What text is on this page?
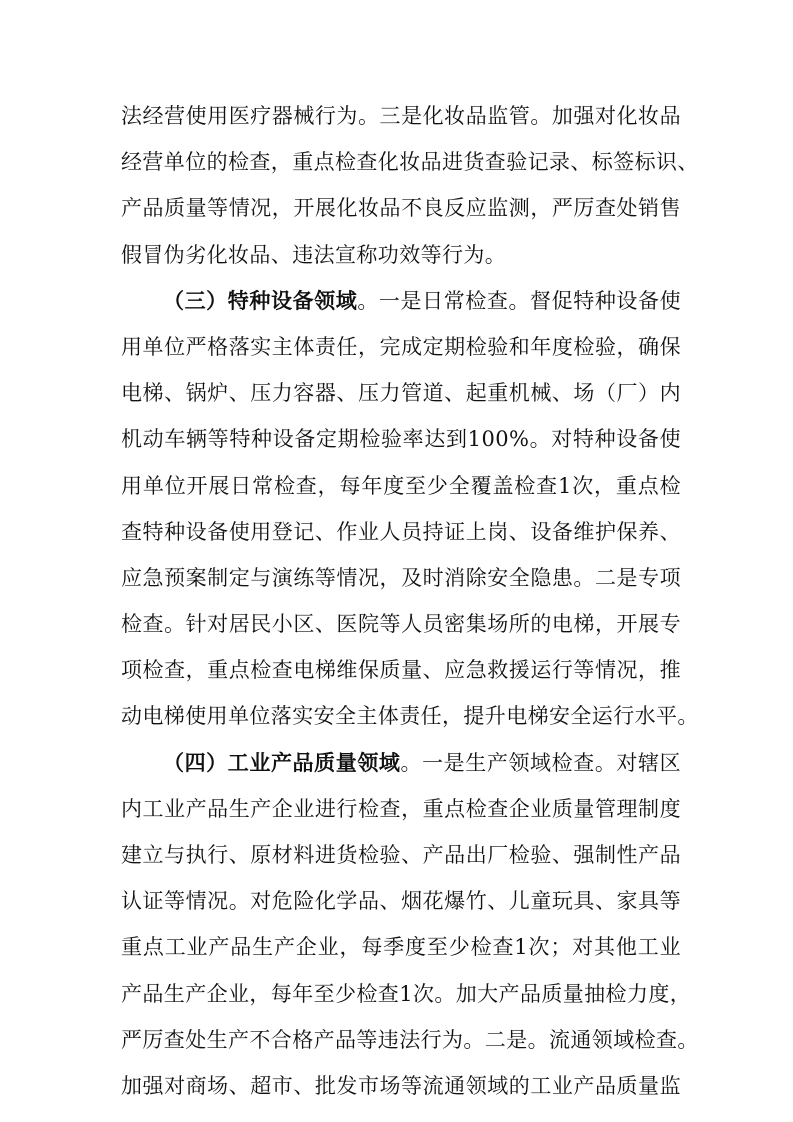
法经营使用医疗器械行为。三是化妆品监管。加强对化妆品
经营单位的检查，重点检查化妆品进货查验记录、标签标识、
产品质量等情况，开展化妆品不良反应监测，严厉查处销售
假冒伪劣化妆品、违法宣称功效等行为。
（三）特种设备领域。一是日常检查。督促特种设备使
用单位严格落实主体责任，完成定期检验和年度检验，确保
电梯、锅炉、压力容器、压力管道、起重机械、场（厂）内
机动车辆等特种设备定期检验率达到100%。对特种设备使
用单位开展日常检查，每年度至少全覆盖检查1次，重点检
查特种设备使用登记、作业人员持证上岗、设备维护保养、
应急预案制定与演练等情况，及时消除安全隐患。二是专项
检查。针对居民小区、医院等人员密集场所的电梯，开展专
项检查，重点检查电梯维保质量、应急救援运行等情况，推
动电梯使用单位落实安全主体责任，提升电梯安全运行水平。
（四）工业产品质量领域。一是生产领域检查。对辖区
内工业产品生产企业进行检查，重点检查企业质量管理制度
建立与执行、原材料进货检验、产品出厂检验、强制性产品
认证等情况。对危险化学品、烟花爆竹、儿童玩具、家具等
重点工业产品生产企业，每季度至少检查1次；对其他工业
产品生产企业，每年至少检查1次。加大产品质量抽检力度，
严厉查处生产不合格产品等违法行为。二是。流通领域检查。
加强对商场、超市、批发市场等流通领域的工业产品质量监
